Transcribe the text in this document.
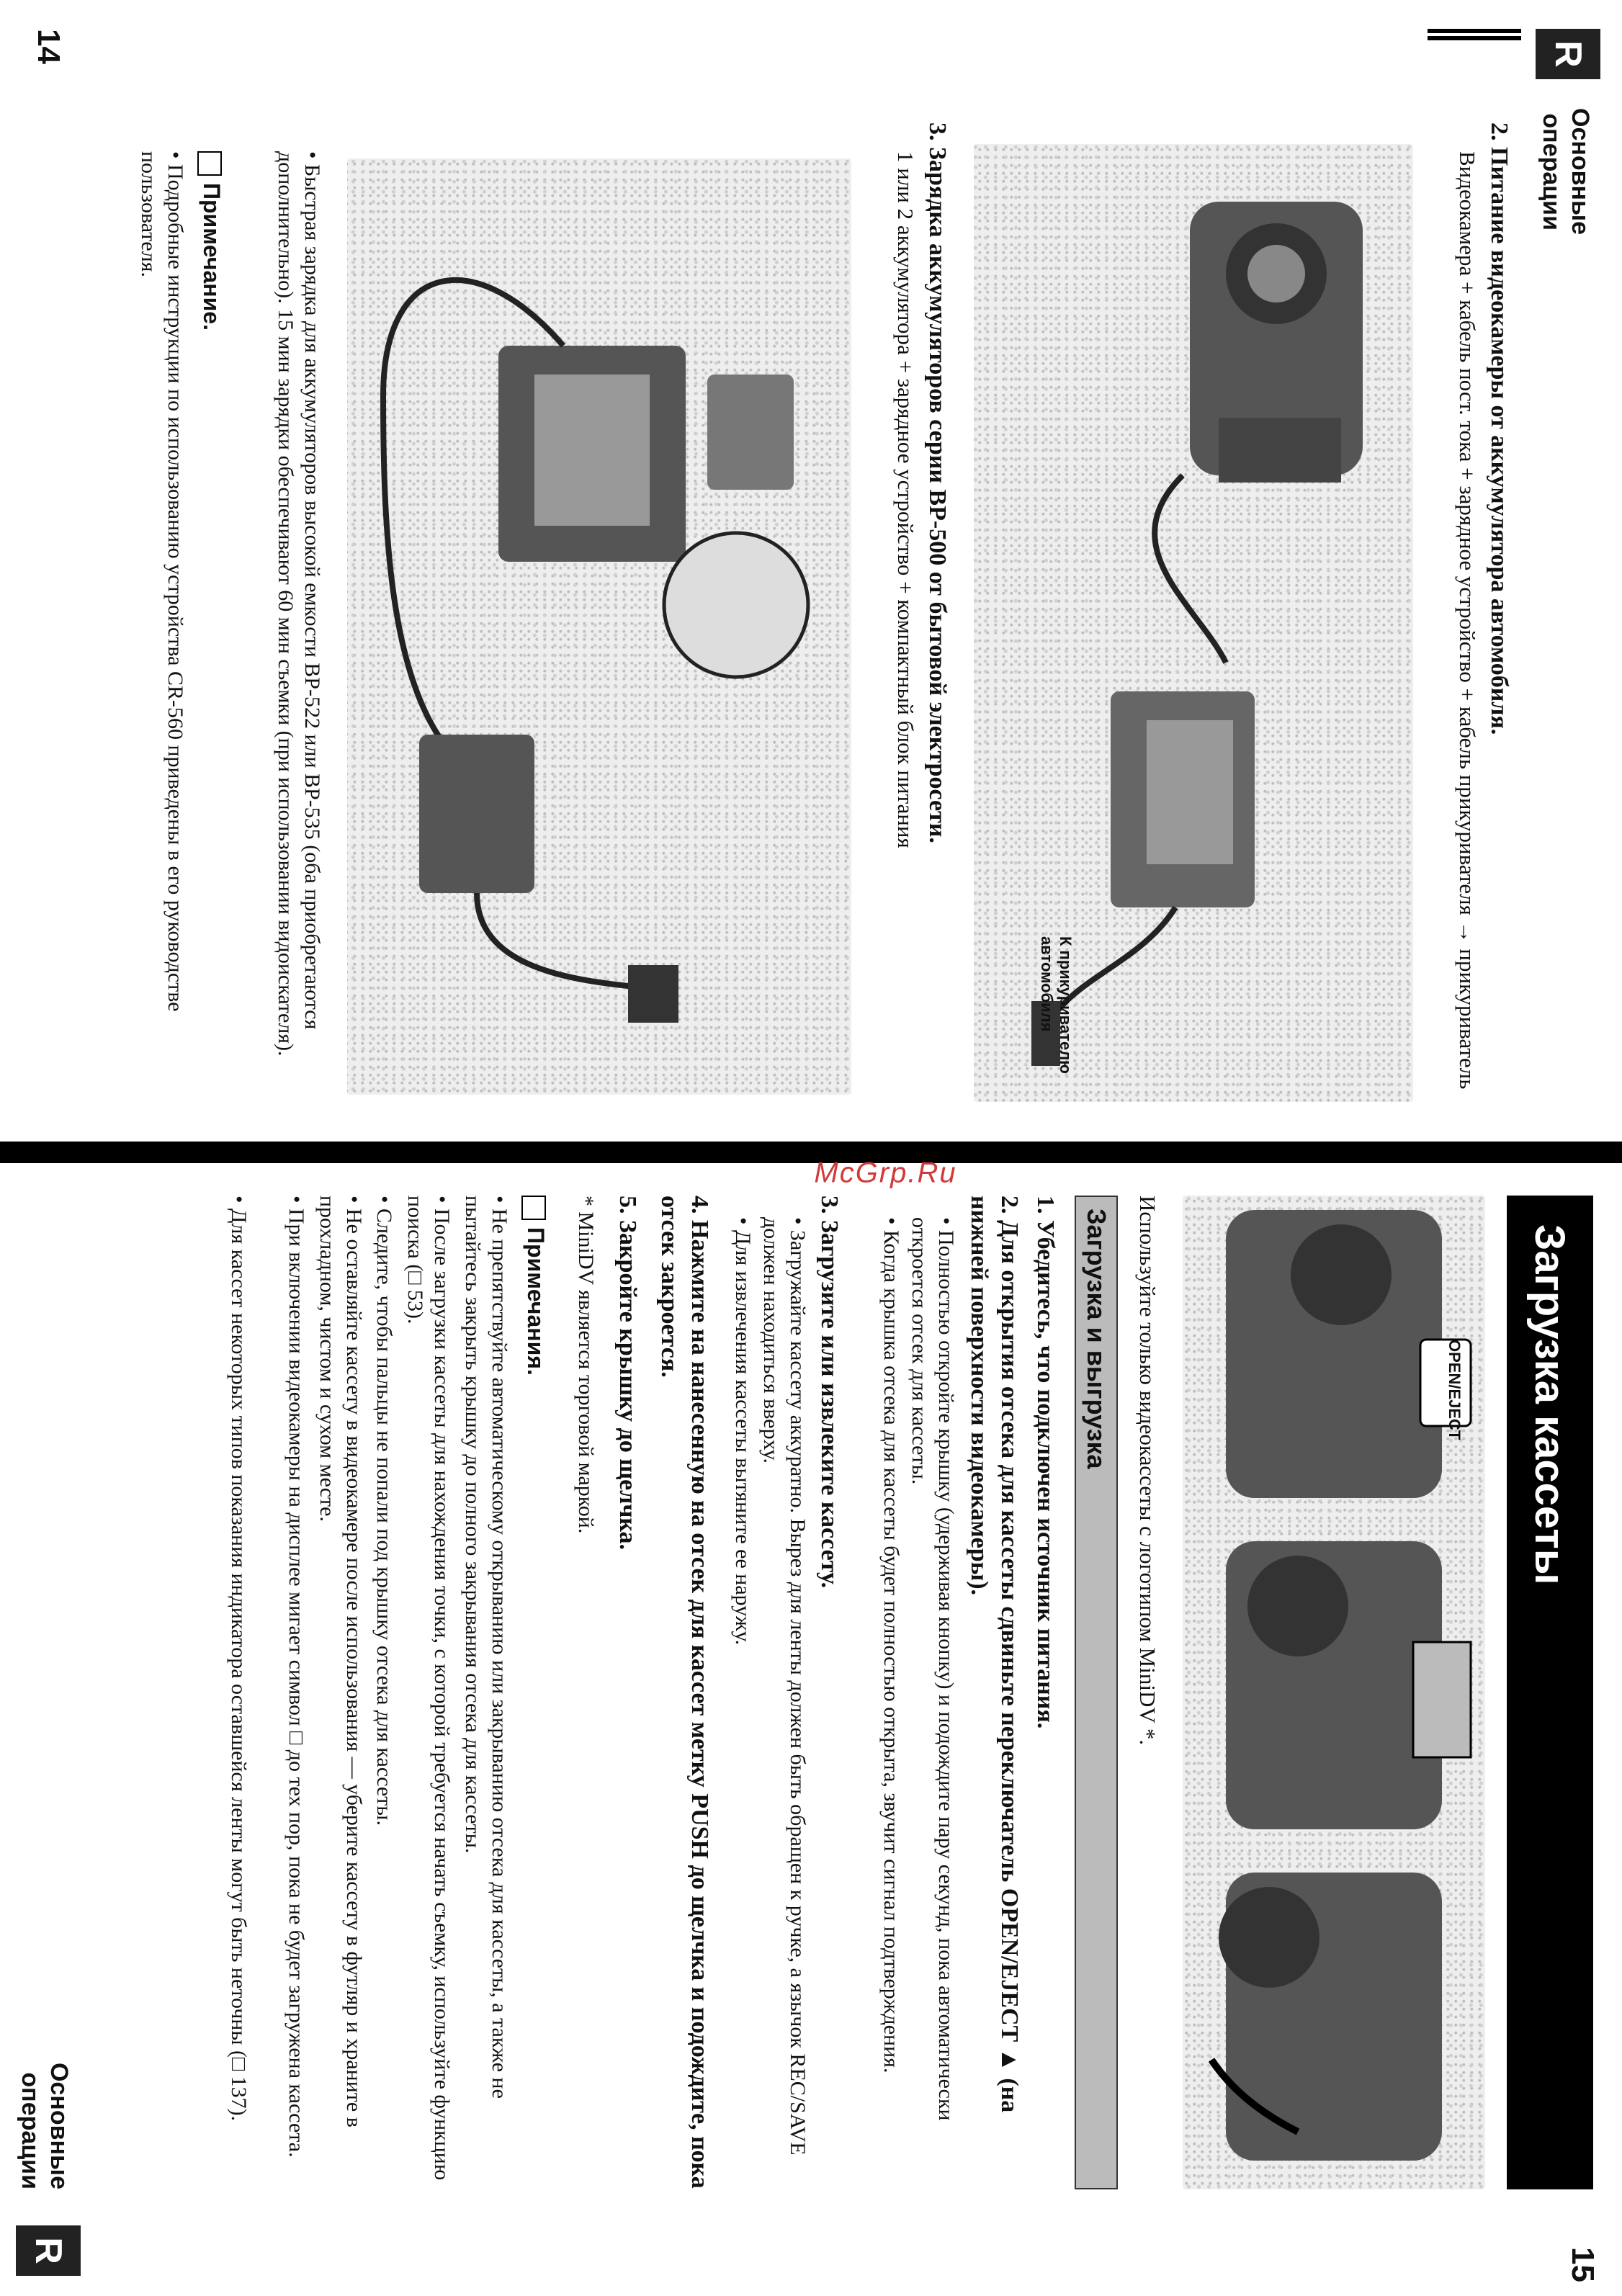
R
Основные
операции
2. Питание видеокамеры от аккумулятора автомобиля.
Видеокамера + кабель пост. тока + зарядное устройство + кабель прикуривателя → прикуриватель
К прикуривателю автомобиля
3. Зарядка аккумуляторов серии BP-500 от бытовой электросети.
1 или 2 аккумулятора + зарядное устройство + компактный блок питания
• Быстрая зарядка для аккумуляторов высокой емкости BP-522 или BP-535 (оба приобретаются дополнительно). 15 мин зарядки обеспечивают 60 мин съемки (при использовании видоискателя).
Примечание.
• Подробные инструкции по использованию устройства CR-560 приведены в его руководстве пользователя.
14
McGrp.Ru
Загрузка кассеты
OPEN/EJECT
Используйте только видеокассеты с логотипом MiniDV *.
Загрузка и выгрузка
1. Убедитесь, что подключен источник питания.
2. Для открытия отсека для кассеты сдвиньте переключатель OPEN/EJECT ▲ (на нижней поверхности видеокамеры).
• Полностью откройте крышку (удерживая кнопку) и подождите пару секунд, пока автоматически откроется отсек для кассеты.
• Когда крышка отсека для кассеты будет полностью открыта, звучит сигнал подтверждения.
3. Загрузите или извлеките кассету.
• Загружайте кассету аккуратно. Вырез для ленты должен быть обращен к ручке, а язычок REC/SAVE должен находиться вверху.
• Для извлечения кассеты вытяните ее наружу.
4. Нажмите на нанесенную на отсек для кассет метку PUSH до щелчка и подождите, пока отсек закроется.
5. Закройте крышку до щелчка.
* MiniDV является торговой маркой.
Примечания.
• Не препятствуйте автоматическому открыванию или закрыванию отсека для кассеты, а также не пытайтесь закрыть крышку до полного закрывания отсека для кассеты.
• После загрузки кассеты для нахождения точки, с которой требуется начать съемку, используйте функцию поиска (□ 53).
• Следите, чтобы пальцы не попали под крышку отсека для кассеты.
• Не оставляйте кассету в видеокамере после использования — уберите кассету в футляр и храните в прохладном, чистом и сухом месте.
• При включении видеокамеры на дисплее мигает символ □ до тех пор, пока не будет загружена кассета.
• Для кассет некоторых типов показания индикатора оставшейся ленты могут быть неточны (□ 137).
R
Основные
операции
15
